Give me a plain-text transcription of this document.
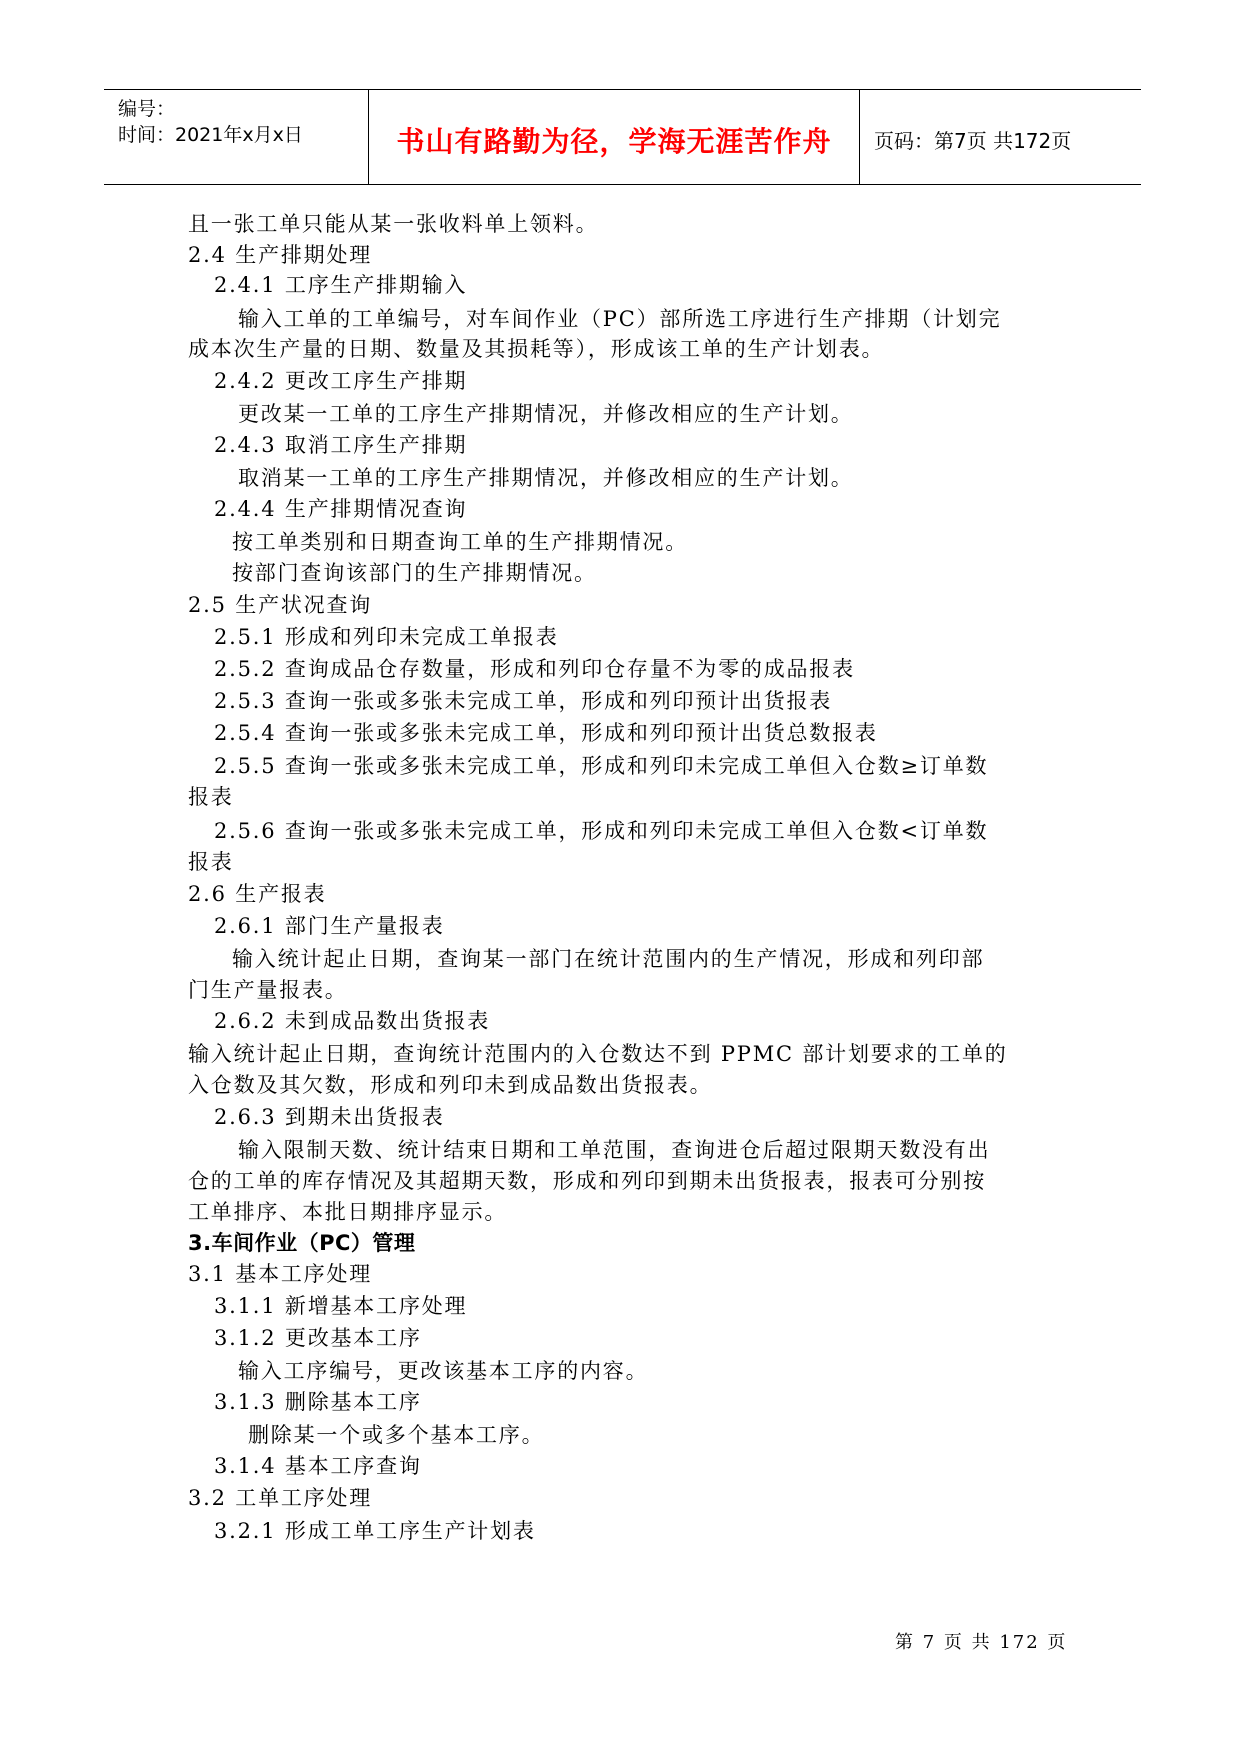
编号：
时间：2021年x月x日	书山有路勤为径，学海无涯苦作舟	页码：第7页 共172页
且一张工单只能从某一张收料单上领料。
2.4 生产排期处理
2.4.1 工序生产排期输入
输入工单的工单编号，对车间作业（PC）部所选工序进行生产排期（计划完
成本次生产量的日期、数量及其损耗等），形成该工单的生产计划表。
2.4.2 更改工序生产排期
更改某一工单的工序生产排期情况，并修改相应的生产计划。
2.4.3 取消工序生产排期
取消某一工单的工序生产排期情况，并修改相应的生产计划。
2.4.4 生产排期情况查询
按工单类别和日期查询工单的生产排期情况。
按部门查询该部门的生产排期情况。
2.5 生产状况查询
2.5.1 形成和列印未完成工单报表
2.5.2 查询成品仓存数量，形成和列印仓存量不为零的成品报表
2.5.3 查询一张或多张未完成工单，形成和列印预计出货报表
2.5.4 查询一张或多张未完成工单，形成和列印预计出货总数报表
2.5.5 查询一张或多张未完成工单，形成和列印未完成工单但入仓数≥订单数
报表
2.5.6 查询一张或多张未完成工单，形成和列印未完成工单但入仓数<订单数
报表
2.6 生产报表
2.6.1 部门生产量报表
输入统计起止日期，查询某一部门在统计范围内的生产情况，形成和列印部
门生产量报表。
2.6.2 未到成品数出货报表
输入统计起止日期，查询统计范围内的入仓数达不到 PPMC 部计划要求的工单的
入仓数及其欠数，形成和列印未到成品数出货报表。
2.6.3 到期未出货报表
输入限制天数、统计结束日期和工单范围，查询进仓后超过限期天数没有出
仓的工单的库存情况及其超期天数，形成和列印到期未出货报表，报表可分别按
工单排序、本批日期排序显示。
3.车间作业（PC）管理
3.1 基本工序处理
3.1.1 新增基本工序处理
3.1.2 更改基本工序
输入工序编号，更改该基本工序的内容。
3.1.3 删除基本工序
删除某一个或多个基本工序。
3.1.4 基本工序查询
3.2 工单工序处理
3.2.1 形成工单工序生产计划表
第 7 页 共 172 页
